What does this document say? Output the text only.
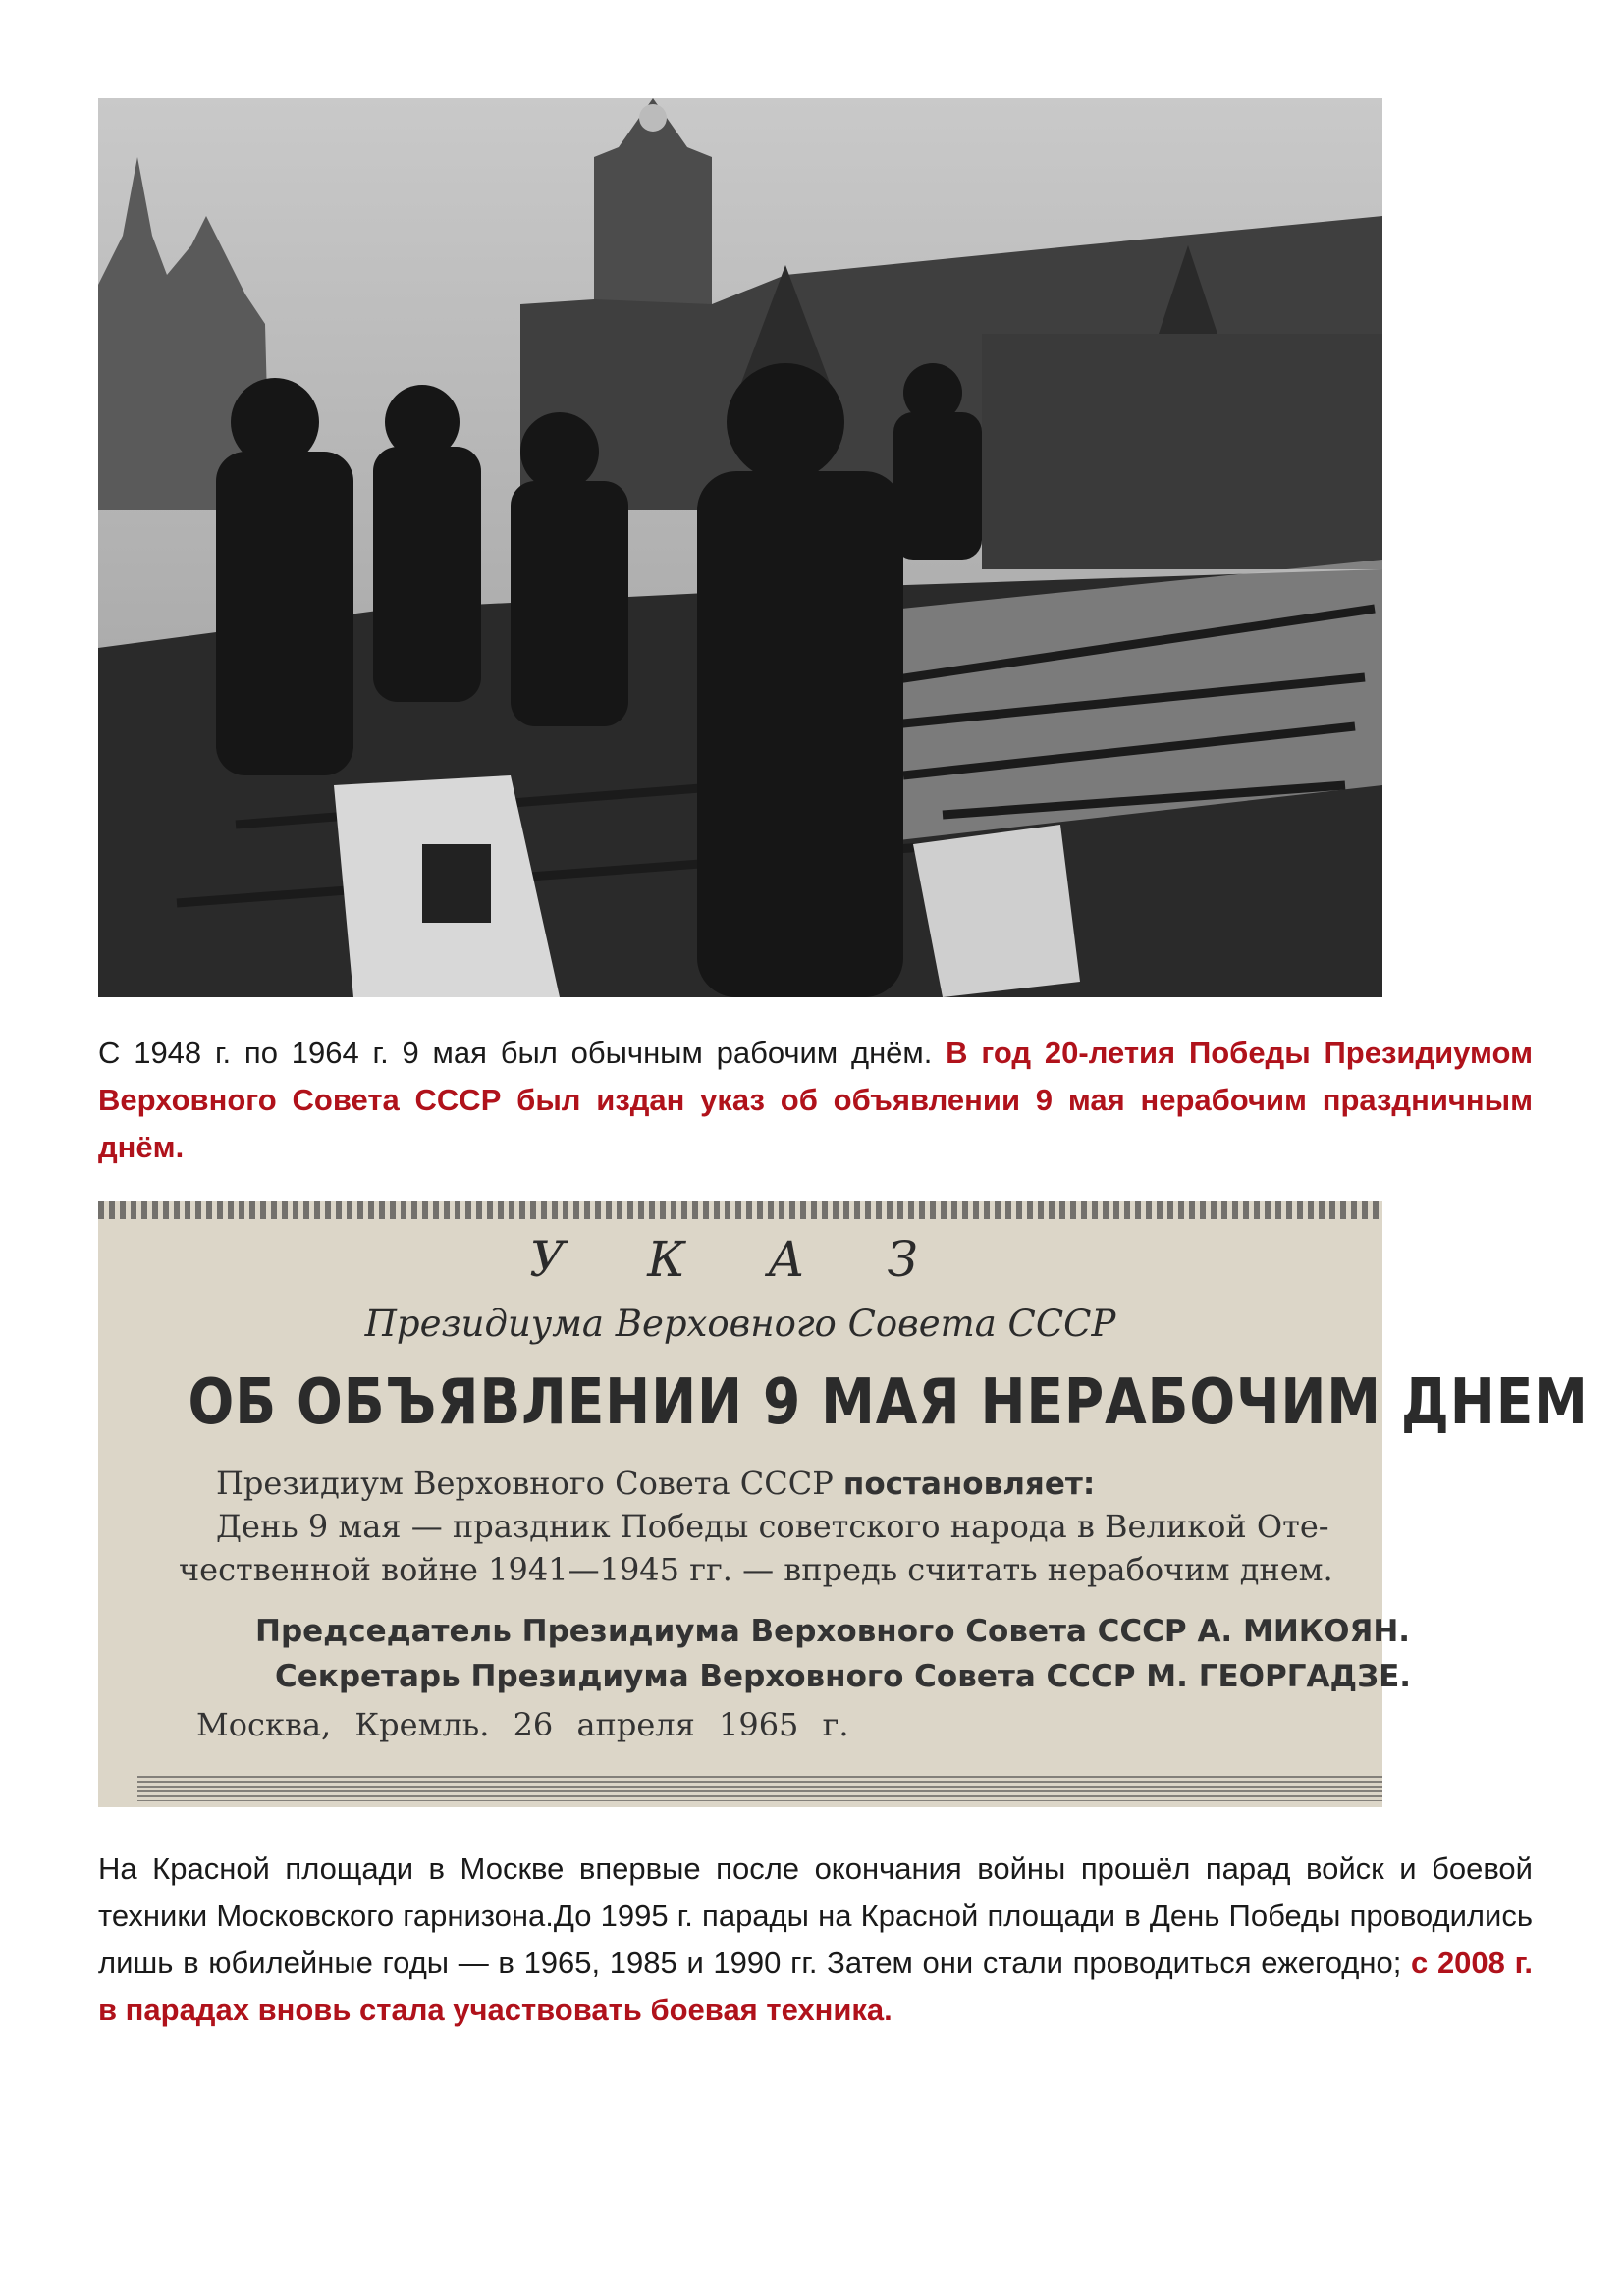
С 1948 г. по 1964 г. 9 мая был обычным рабочим днём. В год 20-летия Победы Президиумом Верховного Совета СССР был издан указ об объявлении 9 мая нерабочим праздничным днём.
У К А З
Президиума Верховного Совета СССР
ОБ ОБЪЯВЛЕНИИ 9 МАЯ НЕРАБОЧИМ ДНЕМ
Президиум Верховного Совета СССР постановляет:
День 9 мая — праздник Победы советского народа в Великой Оте-
чественной войне 1941—1945 гг. — впредь считать нерабочим днем.
Председатель Президиума Верховного Совета СССР А. МИКОЯН.
Секретарь Президиума Верховного Совета СССР М. ГЕОРГАДЗЕ.
Москва, Кремль. 26 апреля 1965 г.
На Красной площади в Москве впервые после окончания войны прошёл парад войск и боевой техники Московского гарнизона.До 1995 г. парады на Красной площади в День Победы проводились лишь в юбилейные годы — в 1965, 1985 и 1990 гг. Затем они стали проводиться ежегодно; с 2008 г. в парадах вновь стала участвовать боевая техника.
